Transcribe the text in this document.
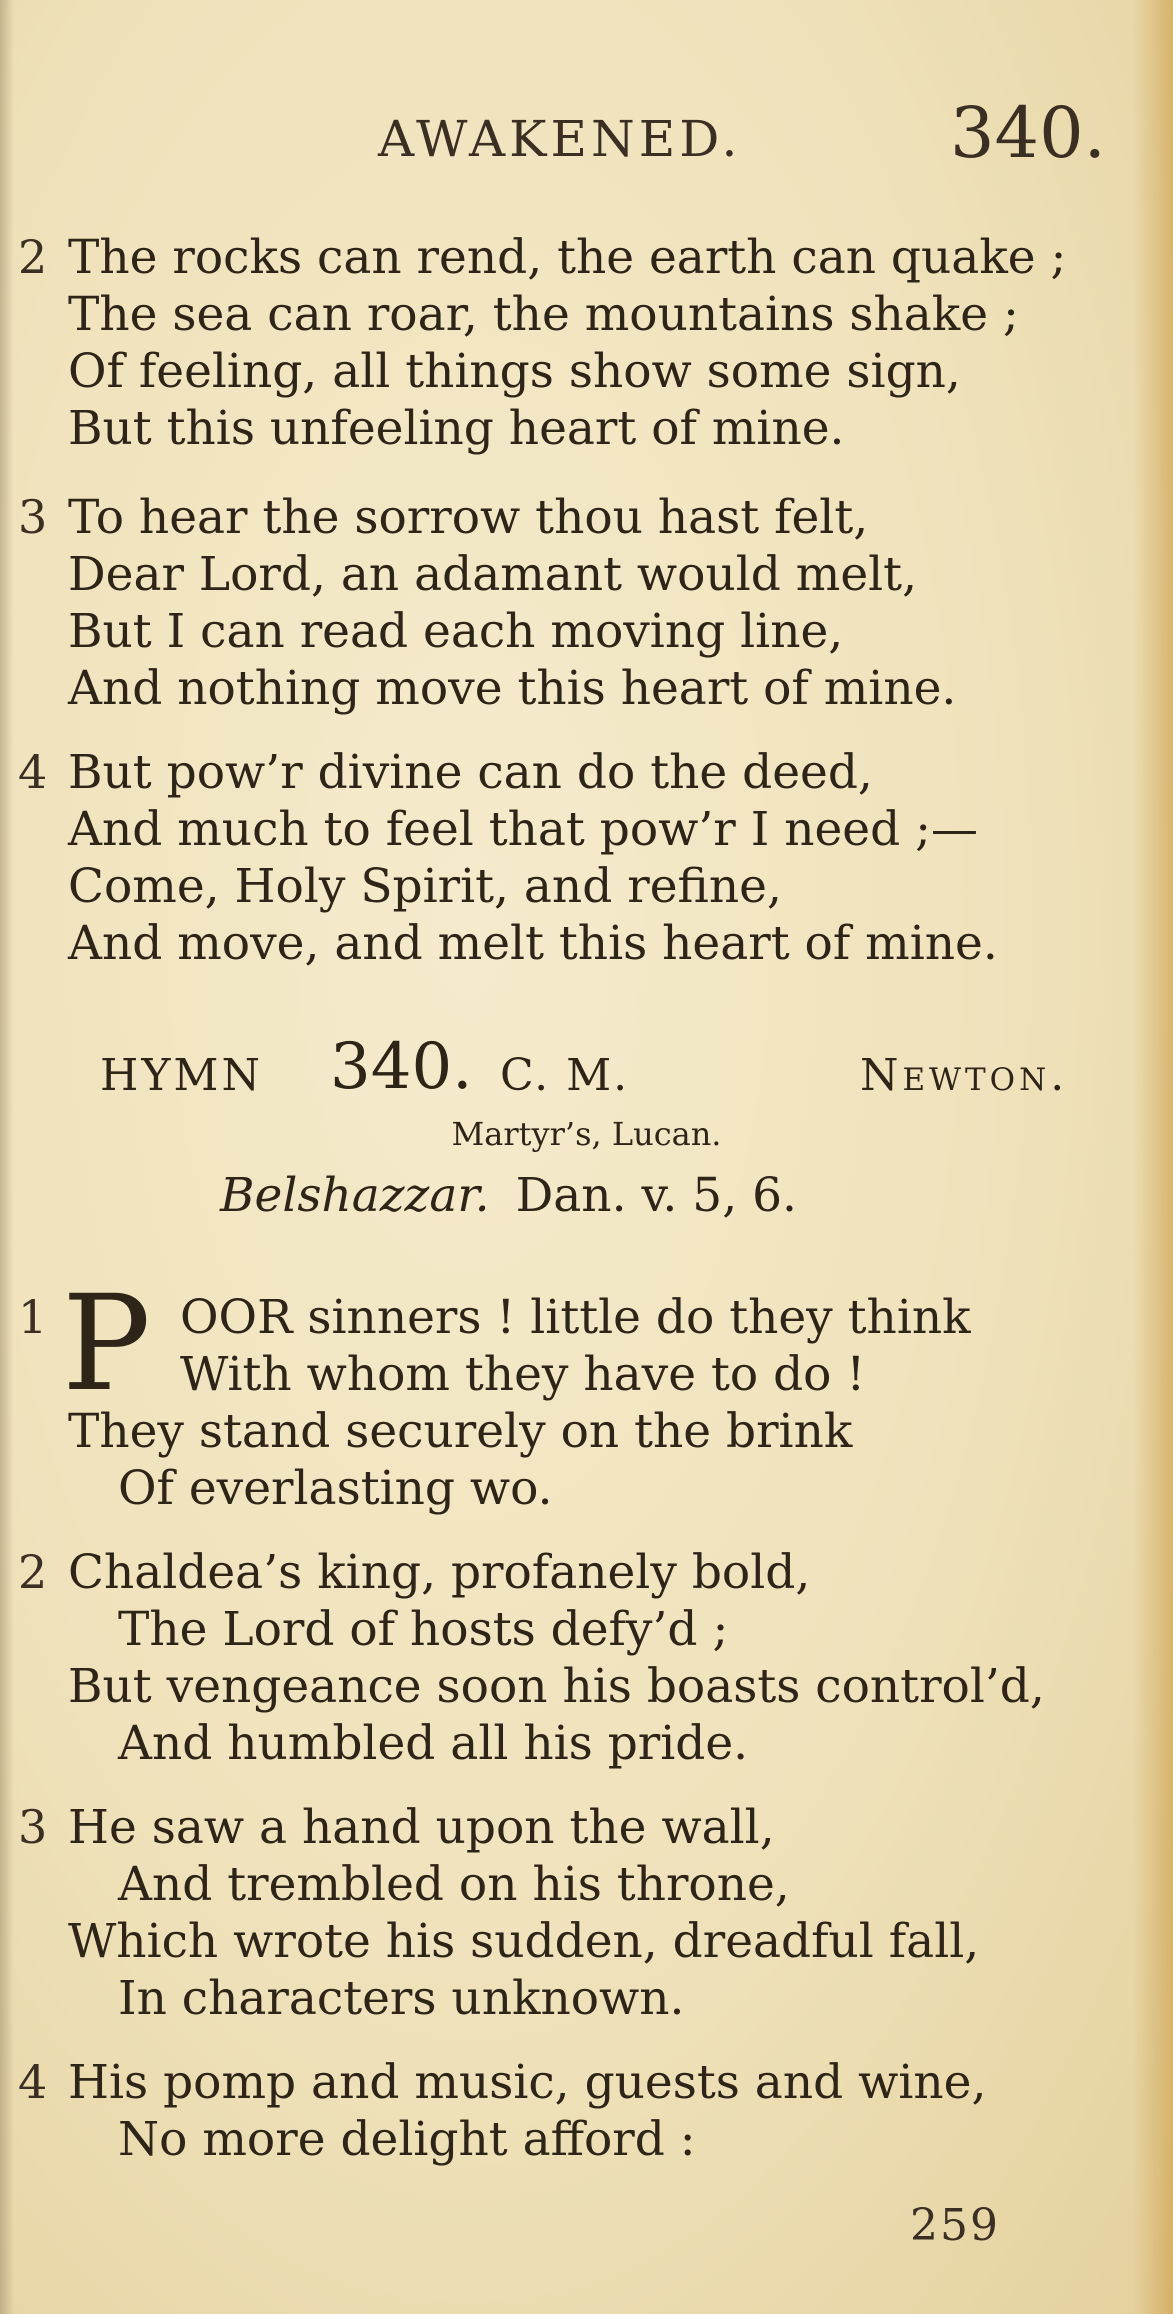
AWAKENED.	340.
2 The rocks can rend, the earth can quake ;
The sea can roar, the mountains shake ;
Of feeling, all things show some sign,
But this unfeeling heart of mine.
3 To hear the sorrow thou hast felt,
Dear Lord, an adamant would melt,
But I can read each moving line,
And nothing move this heart of mine.
4 But pow’r divine can do the deed,
And much to feel that pow’r I need ;—
Come, Holy Spirit, and refine,
And move, and melt this heart of mine.
HYMN 340. C. M.	Newton.
Martyr’s, Lucan.
Belshazzar. Dan. v. 5, 6.
1	OOR sinners ! little do they think
With whom they have to do !
They stand securely on the brink
Of everlasting wo.
P
2 Chaldea’s king, profanely bold,
The Lord of hosts defy’d ;
But vengeance soon his boasts control’d,
And humbled all his pride.
3 He saw a hand upon the wall,
And trembled on his throne,
Which wrote his sudden, dreadful fall,
In characters unknown.
4 His pomp and music, guests and wine,
No more delight afford :
259
